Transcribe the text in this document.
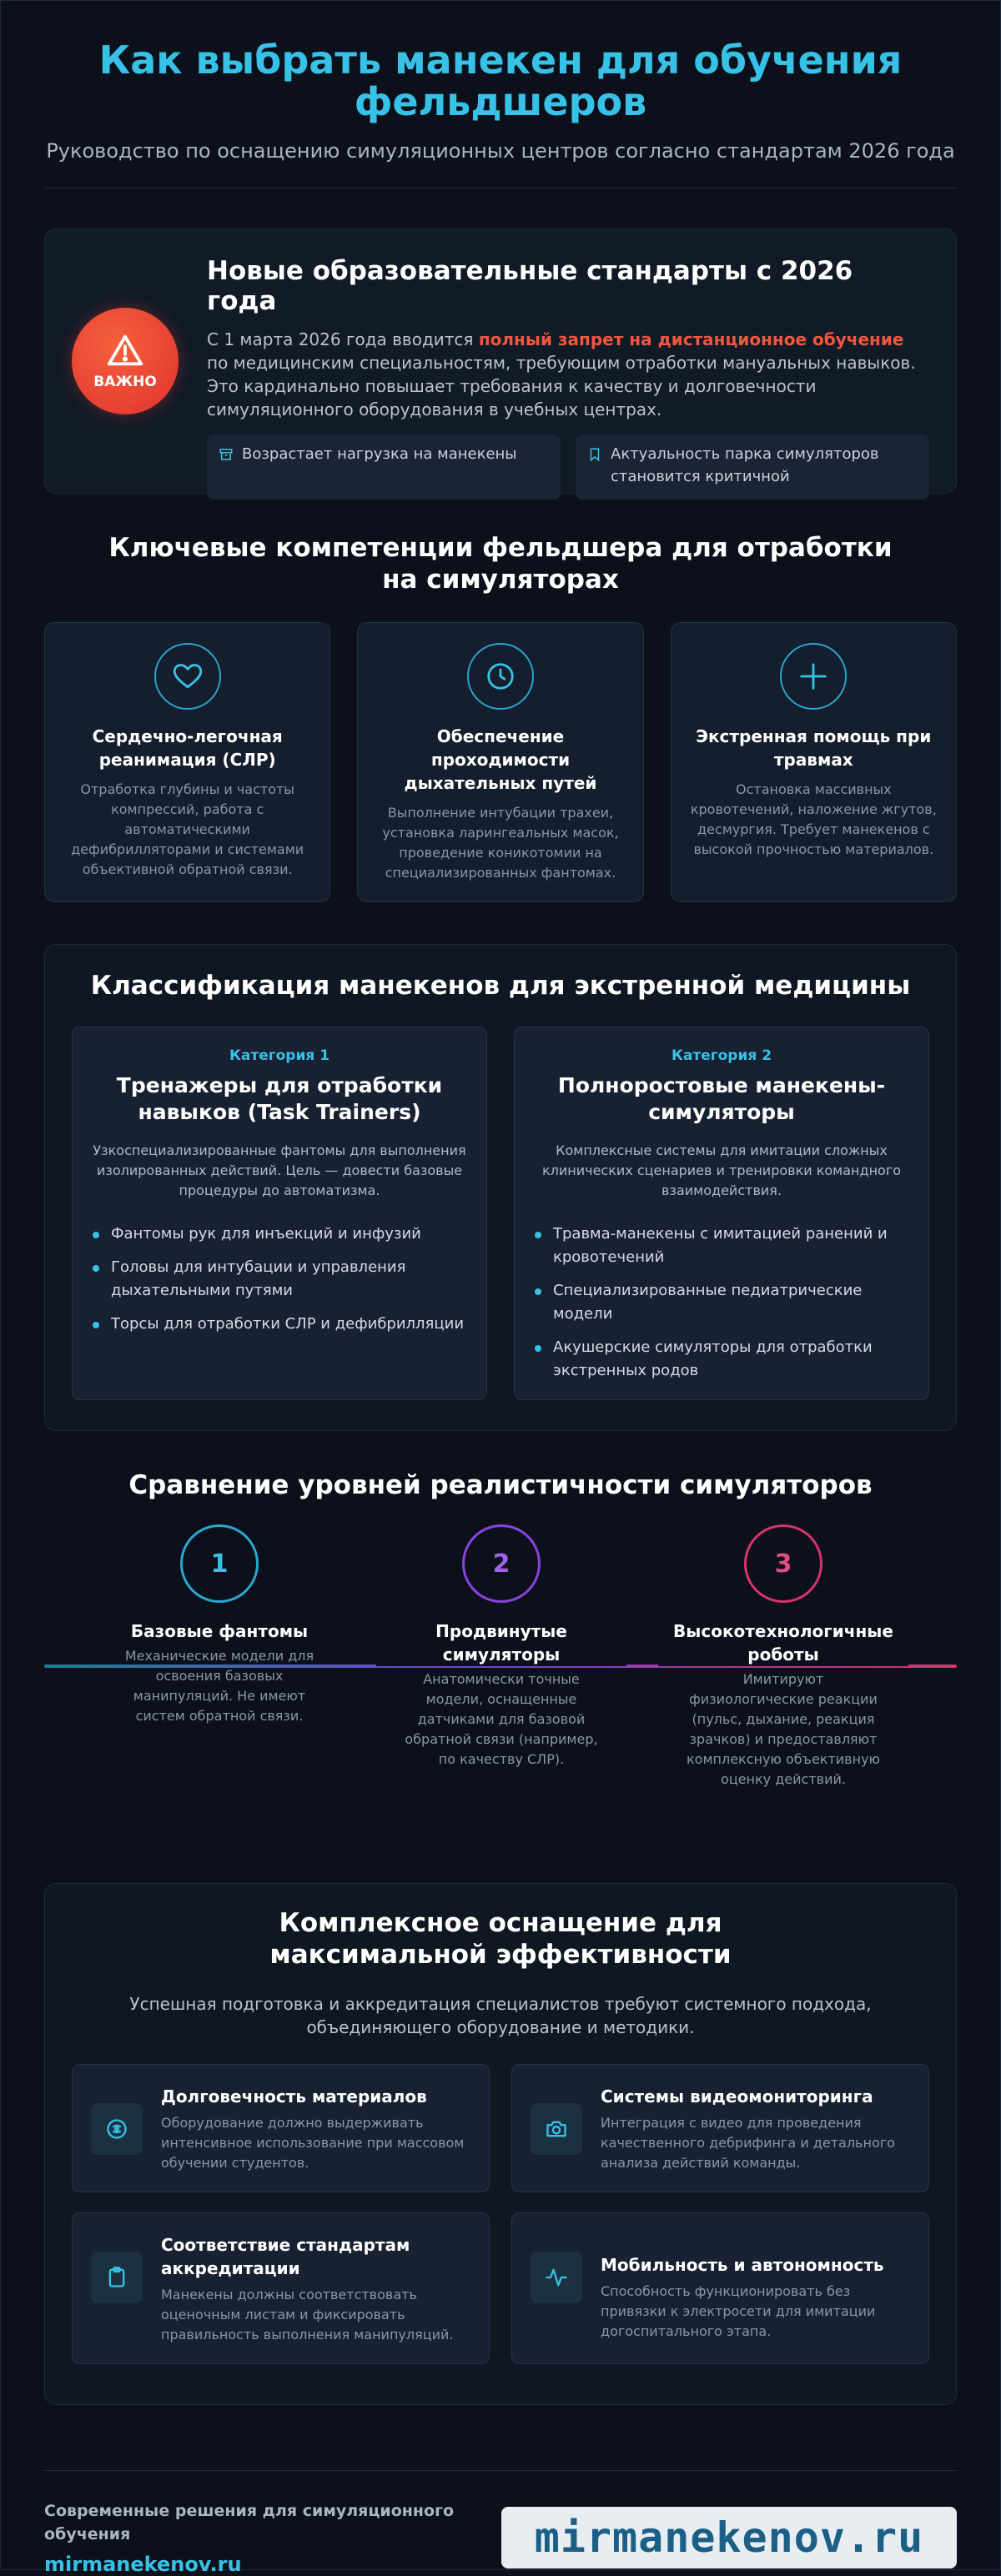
Как выбрать манекен для обучения фельдшеров

Руководство по оснащению симуляционных центров согласно стандартам 2026 года

ВАЖНО
Новые образовательные стандарты с 2026 года

С 1 марта 2026 года вводится полный запрет на дистанционное обучение по медицинским специальностям, требующим отработки мануальных навыков. Это кардинально повышает требования к качеству и долговечности симуляционного оборудования в учебных центрах.

Возрастает нагрузка на манекены	Актуальность парка симуляторов становится критичной
Ключевые компетенции фельдшера для отработки на симуляторах
Сердечно-легочная реанимация (СЛР)
Отработка глубины и частоты компрессий, работа с автоматическими дефибрилляторами и системами объективной обратной связи.
Обеспечение проходимости дыхательных путей
Выполнение интубации трахеи, установка ларингеальных масок, проведение коникотомии на специализированных фантомах.
Экстренная помощь при травмах
Остановка массивных кровотечений, наложение жгутов, десмургия. Требует манекенов с высокой прочностью материалов.
Классификация манекенов для экстренной медицины
Категория 1
Тренажеры для отработки навыков (Task Trainers)
Узкоспециализированные фантомы для выполнения изолированных действий. Цель — довести базовые процедуры до автоматизма.
Фантомы рук для инъекций и инфузий
Головы для интубации и управления дыхательными путями
Торсы для отработки СЛР и дефибрилляции
Категория 2
Полноростовые манекены-симуляторы
Комплексные системы для имитации сложных клинических сценариев и тренировки командного взаимодействия.
Травма-манекены с имитацией ранений и кровотечений
Специализированные педиатрические модели
Акушерские симуляторы для отработки экстренных родов
Сравнение уровней реалистичности симуляторов
1
Базовые фантомы
Механические модели для освоения базовых манипуляций. Не имеют систем обратной связи.
2
Продвинутые симуляторы
Анатомически точные модели, оснащенные датчиками для базовой обратной связи (например, по качеству СЛР).
3
Высокотехнологичные роботы
Имитируют физиологические реакции (пульс, дыхание, реакция зрачков) и предоставляют комплексную объективную оценку действий.
Комплексное оснащение для максимальной эффективности

Успешная подготовка и аккредитация специалистов требуют системного подхода, объединяющего оборудование и методики.

Долговечность материалов
Оборудование должно выдерживать интенсивное использование при массовом обучении студентов.
Системы видеомониторинга
Интеграция с видео для проведения качественного дебрифинга и детального анализа действий команды.
Соответствие стандартам аккредитации
Манекены должны соответствовать оценочным листам и фиксировать правильность выполнения манипуляций.
Мобильность и автономность
Способность функционировать без привязки к электросети для имитации догоспитального этапа.
Современные решения для симуляционного обучения
mirmanekenov.ru
mirmanekenov.ru
